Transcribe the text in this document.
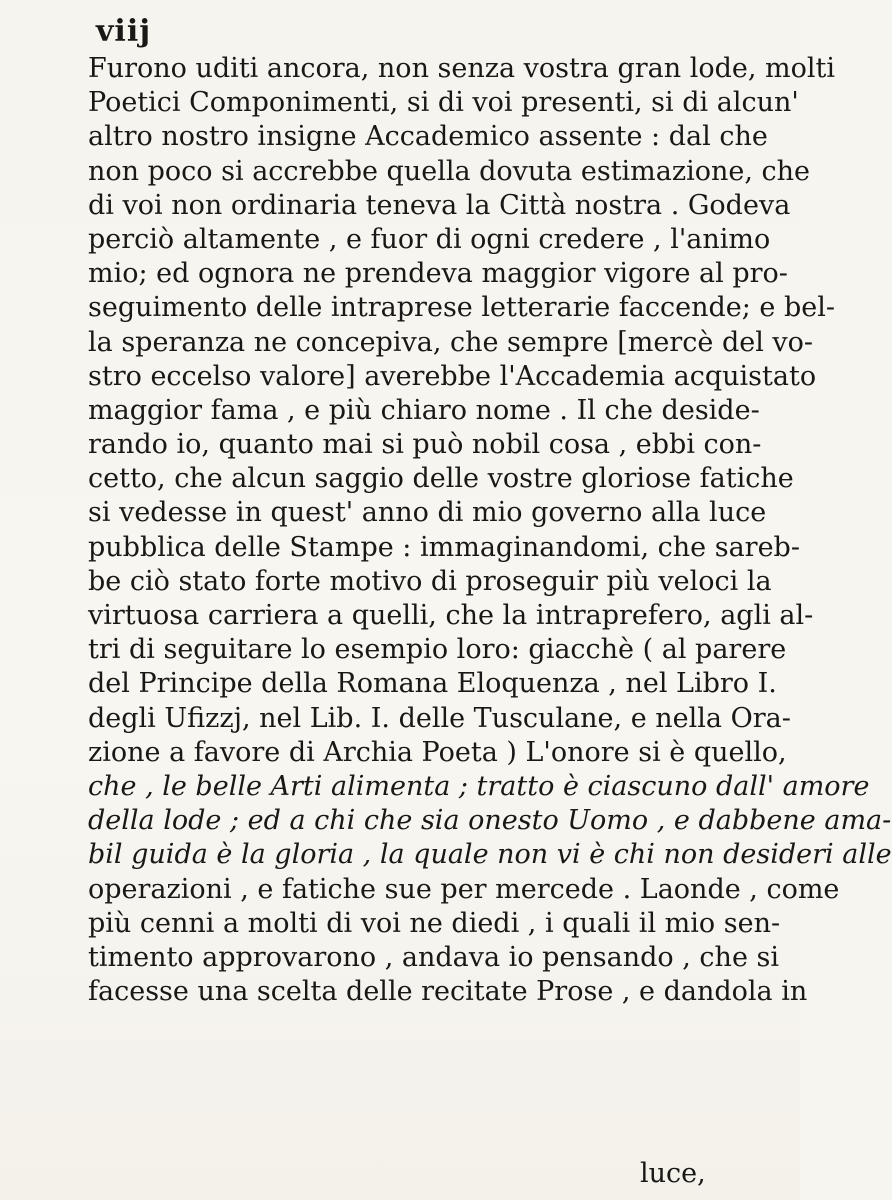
viij
Furono uditi ancora, non senza vostra gran lode, molti
Poetici Componimenti, si di voi presenti, si di alcun'
altro nostro insigne Accademico assente : dal che
non poco si accrebbe quella dovuta estimazione, che
di voi non ordinaria teneva la Città nostra . Godeva
perciò altamente , e fuor di ogni credere , l'animo
mio; ed ognora ne prendeva maggior vigore al pro-
seguimento delle intraprese letterarie faccende; e bel-
la speranza ne concepiva, che sempre [mercè del vo-
stro eccelso valore] averebbe l'Accademia acquistato
maggior fama , e più chiaro nome . Il che deside-
rando io, quanto mai si può nobil cosa , ebbi con-
cetto, che alcun saggio delle vostre gloriose fatiche
si vedesse in quest' anno di mio governo alla luce
pubblica delle Stampe : immaginandomi, che sareb-
be ciò stato forte motivo di proseguir più veloci la
virtuosa carriera a quelli, che la intraprefero, agli al-
tri di seguitare lo esempio loro: giacchè ( al parere
del Principe della Romana Eloquenza , nel Libro I.
degli Ufizzj, nel Lib. I. delle Tusculane, e nella Ora-
zione a favore di Archia Poeta ) L'onore si è quello,
che , le belle Arti alimenta ; tratto è ciascuno dall' amore
della lode ; ed a chi che sia onesto Uomo , e dabbene ama-
bil guida è la gloria , la quale non vi è chi non desideri alle
operazioni , e fatiche sue per mercede . Laonde , come
più cenni a molti di voi ne diedi , i quali il mio sen-
timento approvarono , andava io pensando , che si
facesse una scelta delle recitate Prose , e dandola in
luce,
